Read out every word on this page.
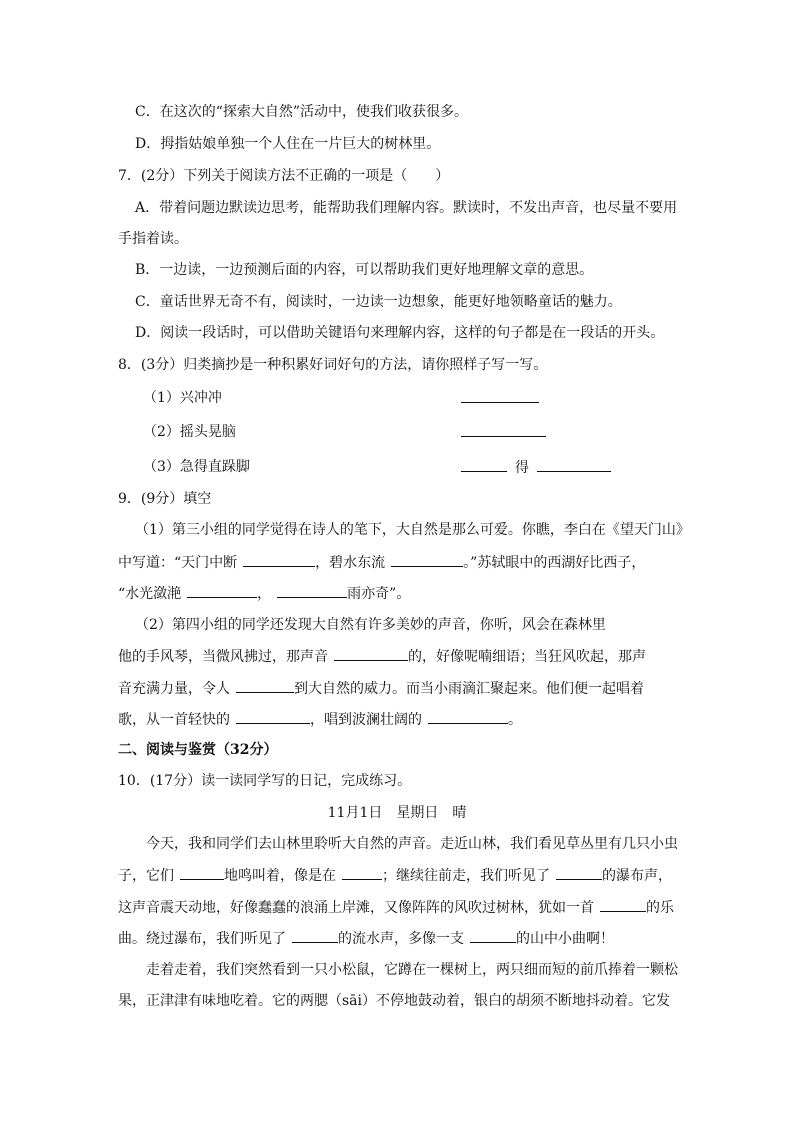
C．在这次的“探索大自然”活动中，使我们收获很多。
D．拇指姑娘单独一个人住在一片巨大的树林里。
7．(2分）下列关于阅读方法不正确的一项是（　　）
A．带着问题边默读边思考，能帮助我们理解内容。默读时，不发出声音，也尽量不要用
手指着读。
B．一边读，一边预测后面的内容，可以帮助我们更好地理解文章的意思。
C．童话世界无奇不有，阅读时，一边读一边想象，能更好地领略童话的魅力。
D．阅读一段话时，可以借助关键语句来理解内容，这样的句子都是在一段话的开头。
8．(3分）归类摘抄是一种积累好词好句的方法，请你照样子写一写。
（1）兴冲冲
（2）摇头晃脑
（3）急得直跺脚	得
9．(9分）填空
（1）第三小组的同学觉得在诗人的笔下，大自然是那么可爱。你瞧，李白在《望天门山》
中写道：“天门中断	，碧水东流	。”苏轼眼中的西湖好比西子，
“水光潋滟	，	雨亦奇”。
（2）第四小组的同学还发现大自然有许多美妙的声音，你听，风会在森林里
他的手风琴，当微风拂过，那声音	的，好像呢喃细语；当狂风吹起，那声
音充满力量，令人	到大自然的威力。而当小雨滴汇聚起来。他们便一起唱着
歌，从一首轻快的	，唱到波澜壮阔的	。
二、阅读与鉴赏（32分）
10．(17分）读一读同学写的日记，完成练习。
11月1日　星期日　晴
今天，我和同学们去山林里聆听大自然的声音。走近山林，我们看见草丛里有几只小虫
子，它们	地鸣叫着，像是在	；继续往前走，我们听见了	的瀑布声，
这声音震天动地，好像蠢蠢的浪涌上岸滩，又像阵阵的风吹过树林，犹如一首	的乐
曲。绕过瀑布，我们听见了	的流水声，多像一支	的山中小曲啊！
走着走着，我们突然看到一只小松鼠，它蹲在一棵树上，两只细而短的前爪捧着一颗松
果，正津津有味地吃着。它的两腮（sāi）不停地鼓动着，银白的胡须不断地抖动着。它发
